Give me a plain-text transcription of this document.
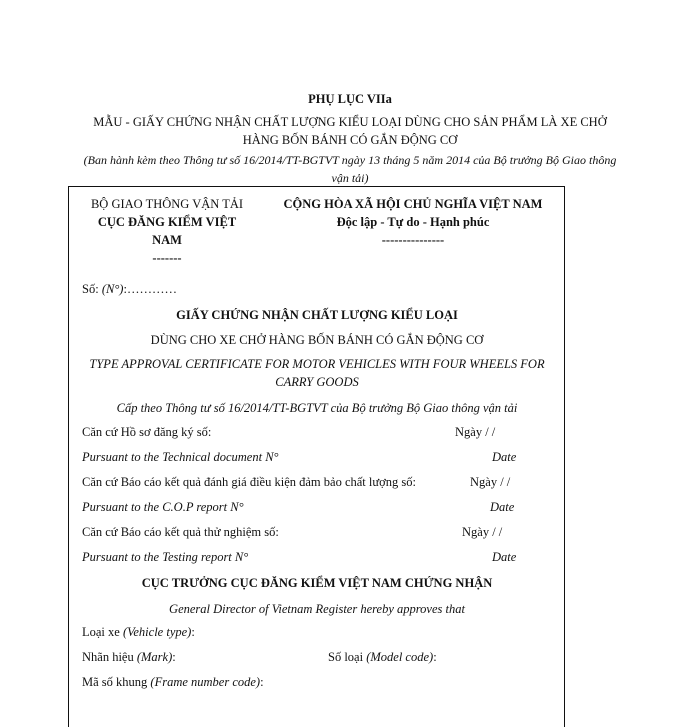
PHỤ LỤC VIIa
MẪU - GIẤY CHỨNG NHẬN CHẤT LƯỢNG KIỂU LOẠI DÙNG CHO SẢN PHẨM LÀ XE CHỞ HÀNG BỐN BÁNH CÓ GẮN ĐỘNG CƠ
(Ban hành kèm theo Thông tư số 16/2014/TT-BGTVT ngày 13 tháng 5 năm 2014 của Bộ trưởng Bộ Giao thông vận tải)
BỘ GIAO THÔNG VẬN TẢI
CỤC ĐĂNG KIỂM VIỆT NAM
-------
CỘNG HÒA XÃ HỘI CHỦ NGHĨA VIỆT NAM
Độc lập - Tự do - Hạnh phúc
---------------
Số: (N°):…………
GIẤY CHỨNG NHẬN CHẤT LƯỢNG KIỂU LOẠI
DÙNG CHO XE CHỞ HÀNG BỐN BÁNH CÓ GẮN ĐỘNG CƠ
TYPE APPROVAL CERTIFICATE FOR MOTOR VEHICLES WITH FOUR WHEELS FOR CARRY GOODS
Cấp theo Thông tư số 16/2014/TT-BGTVT của Bộ trưởng Bộ Giao thông vận tải
Căn cứ Hồ sơ đăng ký số:	Ngày / /
Pursuant to the Technical document N°	Date
Căn cứ Báo cáo kết quả đánh giá điều kiện đảm bảo chất lượng số:	Ngày / /
Pursuant to the C.O.P report N°	Date
Căn cứ Báo cáo kết quả thử nghiệm số:	Ngày / /
Pursuant to the Testing report N°	Date
CỤC TRƯỞNG CỤC ĐĂNG KIỂM VIỆT NAM CHỨNG NHẬN
General Director of Vietnam Register hereby approves that
Loại xe (Vehicle type):
Nhãn hiệu (Mark):	Số loại (Model code):
Mã số khung (Frame number code):
